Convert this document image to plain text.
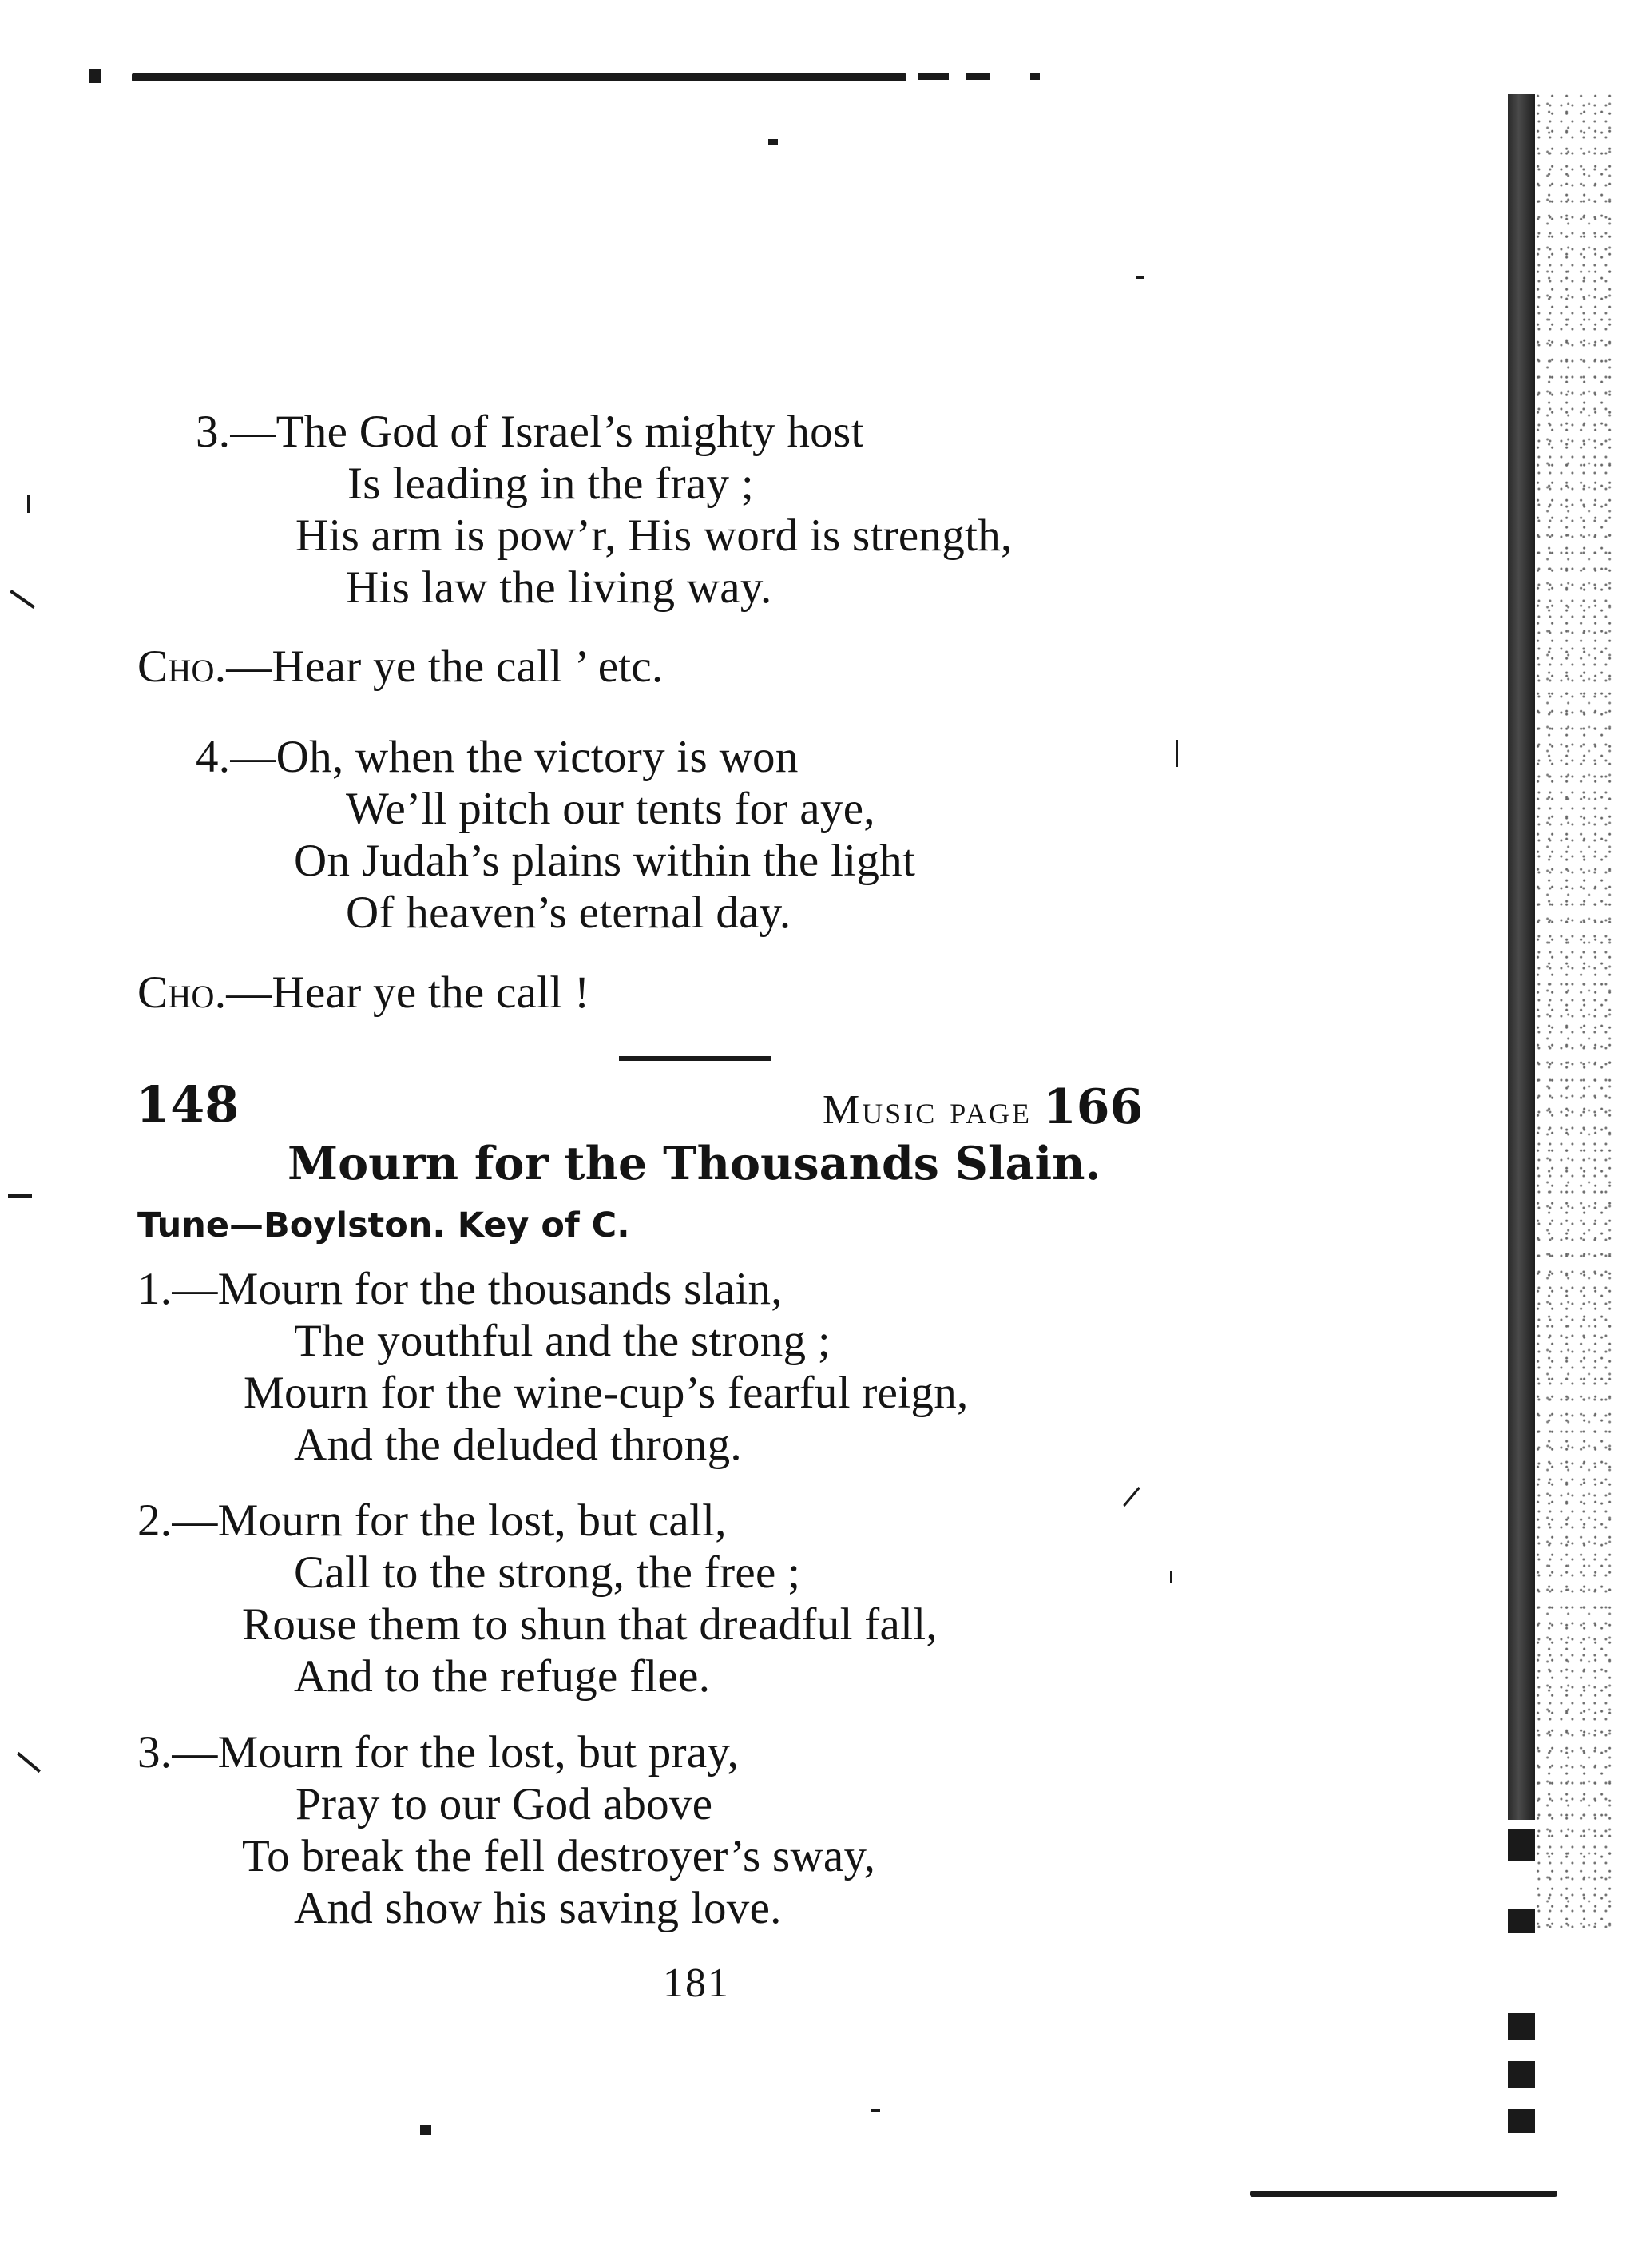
3.—The God of Israel’s mighty host
Is leading in the fray ;
His arm is pow’r, His word is strength,
His law the living way.
Cho.—Hear ye the call ’ etc.
4.—Oh, when the victory is won
We’ll pitch our tents for aye,
On Judah’s plains within the light
Of heaven’s eternal day.
Cho.—Hear ye the call !
148	Music page 166
Mourn for the Thousands Slain.
Tune—Boylston. Key of C.
1.—Mourn for the thousands slain,
The youthful and the strong ;
Mourn for the wine-cup’s fearful reign,
And the deluded throng.
2.—Mourn for the lost, but call,
Call to the strong, the free ;
Rouse them to shun that dreadful fall,
And to the refuge flee.
3.—Mourn for the lost, but pray,
Pray to our God above
To break the fell destroyer’s sway,
And show his saving love.
181
